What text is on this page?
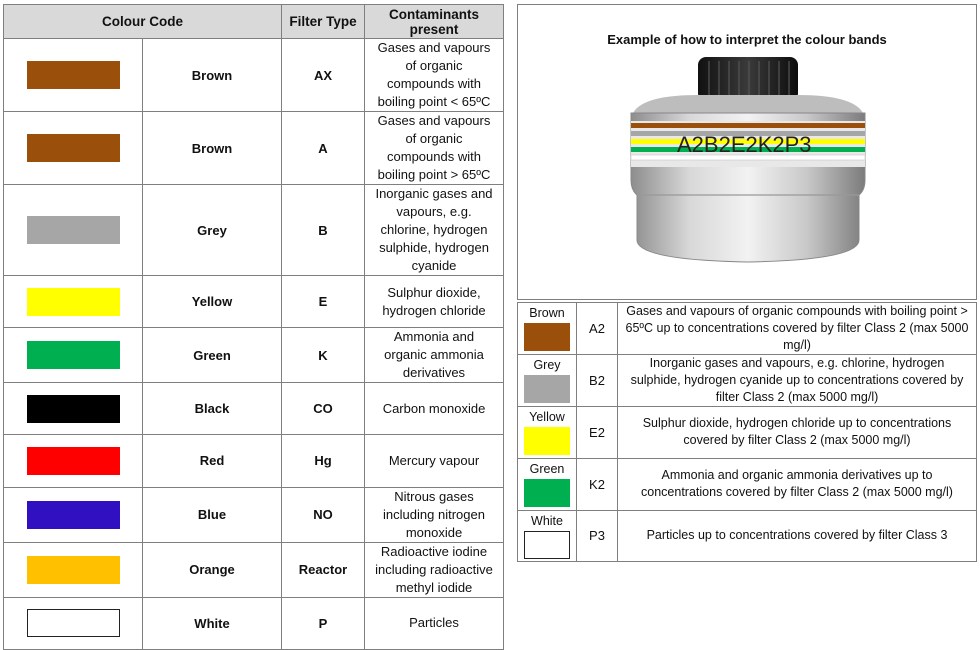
Colour Code		Filter Type	Contaminants present

	Brown	AX	Gases and vapours of organic compounds with boiling point < 65ºC

	Brown	A	Gases and vapours of organic compounds with boiling point > 65ºC

	Grey	B	Inorganic gases and vapours, e.g. chlorine, hydrogen sulphide, hydrogen cyanide

	Yellow	E	Sulphur dioxide, hydrogen chloride

	Green	K	Ammonia and organic ammonia derivatives

	Black	CO	Carbon monoxide

	Red	Hg	Mercury vapour

	Blue	NO	Nitrous gases including nitrogen monoxide

	Orange	Reactor	Radioactive iodine including radioactive methyl iodide

	White	P	Particles
Example of how to interpret the colour bands
A2B2E2K2P3
Brown	A2	Gases and vapours of organic compounds with boiling point > 65ºC up to concentrations covered by filter Class 2 (max 5000 mg/l)

Grey	B2	Inorganic gases and vapours, e.g. chlorine, hydrogen sulphide, hydrogen cyanide up to concentrations covered by filter Class 2 (max 5000 mg/l)

Yellow	E2	Sulphur dioxide, hydrogen chloride up to concentrations covered by filter Class 2 (max 5000 mg/l)

Green	K2	Ammonia and organic ammonia derivatives up to concentrations covered by filter Class 2 (max 5000 mg/l)

White	P3	Particles up to concentrations covered by filter Class 3
